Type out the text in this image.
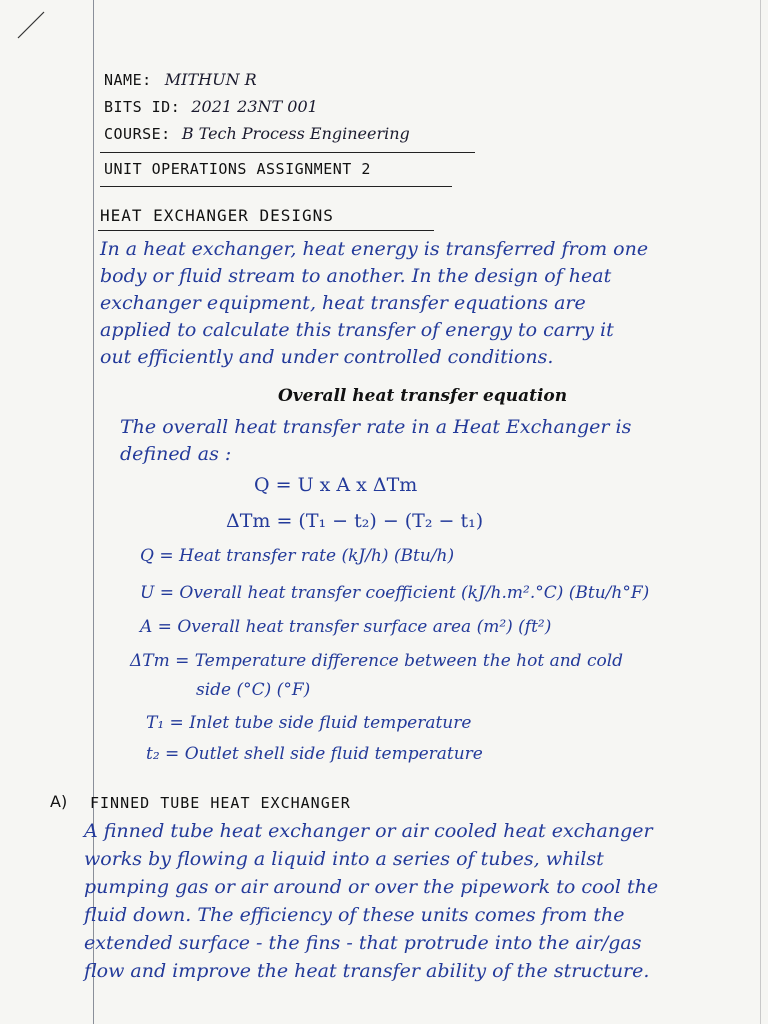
NAME: MITHUN R
BITS ID: 2021 23NT 001
COURSE: B Tech Process Engineering
UNIT OPERATIONS ASSIGNMENT 2
HEAT EXCHANGER DESIGNS
In a heat exchanger, heat energy is transferred from one
body or fluid stream to another. In the design of heat
exchanger equipment, heat transfer equations are
applied to calculate this transfer of energy to carry it
out efficiently and under controlled conditions.
Overall heat transfer equation
The overall heat transfer rate in a Heat Exchanger is
defined as :
Q = U x A x ΔTm
ΔTm = (T₁ − t₂) − (T₂ − t₁)
Q = Heat transfer rate (kJ/h) (Btu/h)
U = Overall heat transfer coefficient (kJ/h.m².°C) (Btu/h°F)
A = Overall heat transfer surface area (m²) (ft²)
ΔTm = Temperature difference between the hot and cold
side (°C) (°F)
T₁ = Inlet tube side fluid temperature
t₂ = Outlet shell side fluid temperature
A) FINNED TUBE HEAT EXCHANGER
A finned tube heat exchanger or air cooled heat exchanger
works by flowing a liquid into a series of tubes, whilst
pumping gas or air around or over the pipework to cool the
fluid down. The efficiency of these units comes from the
extended surface - the fins - that protrude into the air/gas
flow and improve the heat transfer ability of the structure.
